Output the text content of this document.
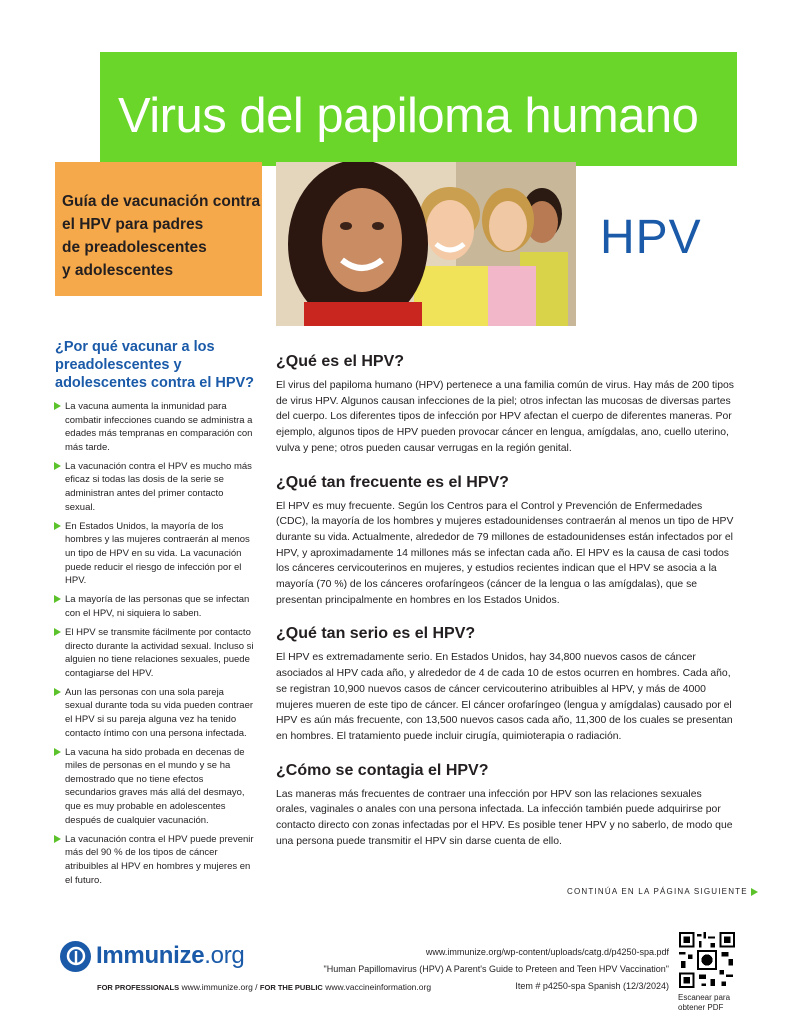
Virus del papiloma humano
Guía de vacunación contra
el HPV para padres
de preadolescentes
y adolescentes
HPV
¿Por qué vacunar a los preadolescentes y adolescentes contra el HPV?
La vacuna aumenta la inmunidad para combatir infecciones cuando se administra a edades más tempranas en comparación con más tarde.
La vacunación contra el HPV es mucho más eficaz si todas las dosis de la serie se administran antes del primer contacto sexual.
En Estados Unidos, la mayoría de los hombres y las mujeres contraerán al menos un tipo de HPV en su vida. La vacunación puede reducir el riesgo de infección por el HPV.
La mayoría de las personas que se infectan con el HPV, ni siquiera lo saben.
El HPV se transmite fácilmente por contacto directo durante la actividad sexual. Incluso si alguien no tiene relaciones sexuales, puede contagiarse del HPV.
Aun las personas con una sola pareja sexual durante toda su vida pueden contraer el HPV si su pareja alguna vez ha tenido contacto íntimo con una persona infectada.
La vacuna ha sido probada en decenas de miles de personas en el mundo y se ha demostrado que no tiene efectos secundarios graves más allá del desmayo, que es muy probable en adolescentes después de cualquier vacunación.
La vacunación contra el HPV puede prevenir más del 90 % de los tipos de cáncer atribuibles al HPV en hombres y mujeres en el futuro.
¿Qué es el HPV?

El virus del papiloma humano (HPV) pertenece a una familia común de virus. Hay más de 200 tipos de virus HPV. Algunos causan infecciones de la piel; otros infectan las mucosas de diversas partes del cuerpo. Los diferentes tipos de infección por HPV afectan el cuerpo de diferentes maneras. Por ejemplo, algunos tipos de HPV pueden provocar cáncer en lengua, amígdalas, ano, cuello uterino, vulva y pene; otros pueden causar verrugas en la región genital.

¿Qué tan frecuente es el HPV?

El HPV es muy frecuente. Según los Centros para el Control y Prevención de Enfermedades (CDC), la mayoría de los hombres y mujeres estadounidenses contraerán al menos un tipo de HPV durante su vida. Actualmente, alrededor de 79 millones de estadounidenses están infectados por el HPV, y aproximadamente 14 millones más se infectan cada año. El HPV es la causa de casi todos los cánceres cervicouterinos en mujeres, y estudios recientes indican que el HPV se asocia a la mayoría (70 %) de los cánceres orofaríngeos (cáncer de la lengua o las amígdalas), que se presentan principalmente en hombres en los Estados Unidos.

¿Qué tan serio es el HPV?

El HPV es extremadamente serio. En Estados Unidos, hay 34,800 nuevos casos de cáncer asociados al HPV cada año, y alrededor de 4 de cada 10 de estos ocurren en hombres. Cada año, se registran 10,900 nuevos casos de cáncer cervicouterino atribuibles al HPV, y más de 4000 mujeres mueren de este tipo de cáncer. El cáncer orofaríngeo (lengua y amígdalas) causado por el HPV es aún más frecuente, con 13,500 nuevos casos cada año, 11,300 de los cuales se presentan en hombres. El tratamiento puede incluir cirugía, quimioterapia o radiación.

¿Cómo se contagia el HPV?

Las maneras más frecuentes de contraer una infección por HPV son las relaciones sexuales orales, vaginales o anales con una persona infectada. La infección también puede adquirirse por contacto directo con zonas infectadas por el HPV. Es posible tener HPV y no saberlo, de modo que una persona puede transmitir el HPV sin darse cuenta de ello.

CONTINÚA EN LA PÁGINA SIGUIENTE
Immunize.org
FOR PROFESSIONALS www.immunize.org / FOR THE PUBLIC www.vaccineinformation.org
www.immunize.org/wp-content/uploads/catg.d/p4250-spa.pdf
"Human Papillomavirus (HPV) A Parent's Guide to Preteen and Teen HPV Vaccination"
Item # p4250-spa Spanish (12/3/2024)
Escanear para obtener PDF
